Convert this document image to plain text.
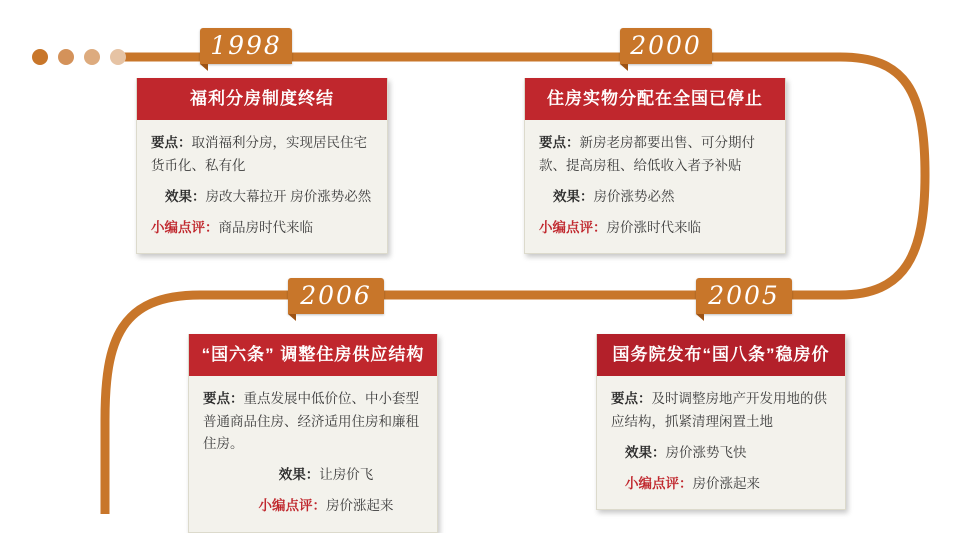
1998
福利分房制度终结
要点：取消福利分房，实现居民住宅货币化、私有化
效果：房改大幕拉开 房价涨势必然
小编点评：商品房时代来临
2000
住房实物分配在全国已停止
要点：新房老房都要出售、可分期付款、提高房租、给低收入者予补贴
效果：房价涨势必然
小编点评：房价涨时代来临
2005
国务院发布“国八条”稳房价
要点：及时调整房地产开发用地的供应结构，抓紧清理闲置土地
效果：房价涨势飞快
小编点评：房价涨起来
2006
“国六条” 调整住房供应结构
要点：重点发展中低价位、中小套型普通商品住房、经济适用住房和廉租住房。
效果：让房价飞
小编点评：房价涨起来
